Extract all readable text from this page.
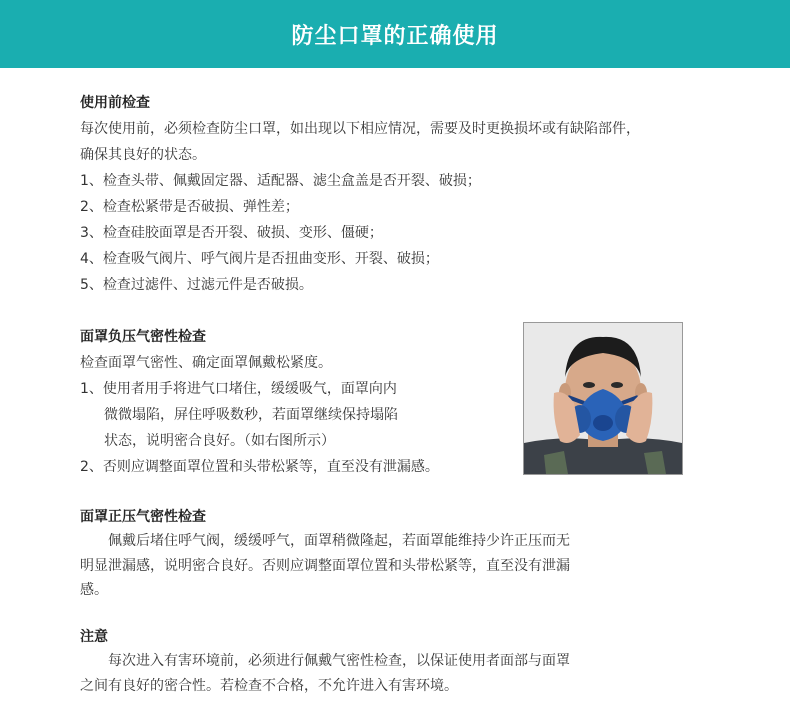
防尘口罩的正确使用
使用前检查
每次使用前，必须检查防尘口罩，如出现以下相应情况，需要及时更换损坏或有缺陷部件，
确保其良好的状态。
1、检查头带、佩戴固定器、适配器、滤尘盒盖是否开裂、破损；
2、检查松紧带是否破损、弹性差；
3、检查硅胶面罩是否开裂、破损、变形、僵硬；
4、检查吸气阀片、呼气阀片是否扭曲变形、开裂、破损；
5、检查过滤件、过滤元件是否破损。
面罩负压气密性检查
检查面罩气密性、确定面罩佩戴松紧度。
1、使用者用手将进气口堵住，缓缓吸气，面罩向内
微微塌陷，屏住呼吸数秒，若面罩继续保持塌陷
状态，说明密合良好。（如右图所示）
2、否则应调整面罩位置和头带松紧等，直至没有泄漏感。
面罩正压气密性检查
佩戴后堵住呼气阀，缓缓呼气，面罩稍微隆起，若面罩能维持少许正压而无
明显泄漏感，说明密合良好。否则应调整面罩位置和头带松紧等，直至没有泄漏
感。
注意
每次进入有害环境前，必须进行佩戴气密性检查，以保证使用者面部与面罩
之间有良好的密合性。若检查不合格，不允许进入有害环境。
